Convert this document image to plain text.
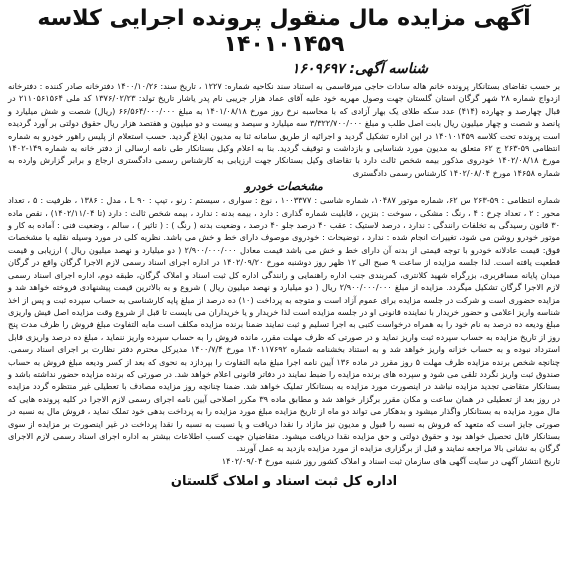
آگهی مزایده مال منقول پرونده اجرایی کلاسه ۱۴۰۱۰۱۴۵۹
شناسه آگهی: ۱۶۰۹۶۹۷

بر حسب تقاضای بستانکار پرونده خانم هاله سادات حاجی میرقاسمی به استناد سند نکاحیه شماره: ۱۲۲۷ ، تاریخ سند: ۱۴۰۰/۱۰/۲۶ دفترخانه صادر کننده : دفترخانه ازدواج شماره ۲۸ شهر گرگان استان گلستان جهت وصول مهریه خود علیه آقای عماد هزار جریبی نام پدر یاشار تاریخ تولد: ۱۳۷۶/۰۲/۲۳ کد ملی ۲۱۱۰۵۶۱۵۶۴ در قبال چهارصد و چهارده (۴۱۴) عدد سکه طلای یک بهار آزادی که با محاسبه نرخ روز مورخ ۱۴۰۱/۰۸/۱۸ به مبلغ ۶۶/۵۶۴/۰۰۰/۰۰۰ (ریال) شصت و شش میلیارد و پانصد و شصت و چهار میلیون ریال بابت اصل طلب و مبلغ ۳/۳۲۲/۷۰۰/۰۰۰ سه میلیارد و سیصد و بیست و دو میلیون و هفتصد هزار ریال حقوق دولتی بر آورد گردیده است پرونده تحت کلاسه ۱۴۰۱۰۱۴۵۹ در این اداره تشکیل گردید و اجرائیه از طریق سامانه ثنا به مدیون ابلاغ گردید. حسب استعلام از پلیس راهور خودرو به شماره انتظامی ۵۹-۲۶۳ ج ۶۲ متعلق به مدیون مورد شناسایی و بازداشت و توقیف گردید. بنا به اعلام وکیل بستانکار طی نامه ارسالی از دفتر خانه به شماره ۱۴۹-۱۴۰۲ مورخ ۱۴۰۲/۰۸/۱۸ خودروی مذکور بیمه شخص ثالث دارد با تقاضای وکیل بستانکار جهت ارزیابی به کارشناس رسمی دادگستری ارجاع و برابر گزارش وارده به شماره ۱۴۶۵۸ مورخ ۱۴۰۲/۰۸/۰۴ کارشناس رسمی دادگستری

مشخصات خودرو

شماره انتظامی : ۵۹-۲۶۳ س ۶۲، شماره موتور ۱۰۴۸۷، شماره شاسی : ۱۰۰۳۳۷۷ ، نوع : سواری ، سیستم : رنو ، تیپ : ۹۰ L ، مدل : ۱۳۸۶ ، ظرفیت : ۵ ، تعداد محور : ۲ ، تعداد چرخ : ۴ ، رنگ : مشکی ، سوخت : بنزین ، قابلیت شماره گذاری : دارد ، بیمه بدنه : ندارد ، بیمه شخص ثالث : دارد (تا ۱۴۰۲/۱۱/۰۴) ، نقص ماده ۳۰ قانون رسیدگی به تخلفات رانندگی : ندارد ، درصد لاستیک : عقب ۴۰ درصد جلو ۴۰ درصد ، وضعیت بدنه ( رنگ ) : ( تاثیر ) ، سالم ، وضعیت فنی : آماده به کار و موتور خودرو روشن می شود، تغییرات انجام شده : ندارد ، توضیحات : خودروی موصوف دارای خط و خش می باشد. نظریه کلی در مورد وسیله نقلیه با مشخصات فوق: قیمت عادلانه خودرو با توجه قیمتی از بدنه آن دارای خط و خش می باشد قیمت معادل ۲/۹۰۰/۰۰۰/۰۰۰ ( دو میلیارد و نهصد میلیون ریال ) ارزیابی و قیمت قطعیت یافته است. لذا جلسه مزایده از ساعت ۹ صبح الی ۱۲ ظهر روز دوشنبه مورخ ۱۴۰۲/۰۹/۲۰ در اداره اجرای اسناد رسمی لازم الاجرا گرگان واقع در گرگان میدان پایانه مسافربری، بزرگراه شهید کلانتری، کمربندی جنب اداره راهنمایی و رانندگی اداره کل ثبت اسناد و املاک گرگان، طبقه دوم، اداره اجرای اسناد رسمی لازم الاجرا گرگان تشکیل میگردد. مزایده از مبلغ ۲/۹۰۰/۰۰۰/۰۰۰ ریال ( دو میلیارد و نهصد میلیون ریال ) شروع و به بالاترین قیمت پیشنهادی فروخته خواهد شد و مزایده حضوری است و شرکت در جلسه مزایده برای عموم آزاد است و متوجه به پرداخت (۱۰) ده درصد از مبلغ پایه کارشناسی به حساب سپرده ثبت و پس از اخذ شناسه واریز اعلامی و حضور خریدار با نماینده قانونی او در جلسه مزایده است لذا خریدار و یا خریداران می بایست تا قبل از شروع وقت مزایده اصل فیش واریزی مبلغ ودیعه ده درصد به نام خود را به همراه درخواست کتبی به اجرا تسلیم و ثبت نمایند ضمنا برنده مزایده مکلف است مابه التفاوت مبلغ فروش را ظرف مدت پنج روز از تاریخ مزایده به حساب سپرده ثبت واریز نماید و در صورتی که ظرف مهلت مقرر، مانده فروش را به حساب سپرده واریز ننماید ، مبلغ ده درصد واریزی قابل استرداد نبوده و به حساب خزانه واریز خواهد شد و به استناد بخشنامه شماره ۱۴۰۱۱۷۶۹۲ مورخ ۱۴۰۰/۷/۴ مدیرکل محترم دفتر نظارت بر اجرای اسناد رسمی. چنانچه شخص برنده مزایده ظرف مهلت ۵ روز مقرر در ماده ۱۳۶ آیین نامه اجرا مبلغ مابه التفاوت را بپردازد به نحوی که بعد از کسر ودیعه مبلغ فروش به حساب صندوق ثبت واریز نگردد تلقی می شود و سپرده های برنده مزایده را ضبط نمایند در دفاتر قانونی اعلام خواهد شد. در صورتی که برنده مزایده حضور نداشته باشد و بستانکار متقاضی تجدید مزایده نباشد در اینصورت مورد مزایده به بستانکار تملیک خواهد شد. ضمنا چنانچه روز مزایده مصادف با تعطیلی غیر منتظره گردد مزایده در روز بعد از تعطیلی در همان ساعت و مکان مقرر برگزار خواهد شد و مطابق ماده ۳۹ مکرر اصلاحی آیین نامه اجرای رسمی لازم الاجرا در کلیه پرونده هایی که مال مورد مزایده به بستانکار واگذار میشود و بدهکار می تواند دو ماه از تاریخ مزایده مبلغ مورد مزایده را به پرداخت بدهی خود تملک نماید ، فروش مال به نسبه در صورتی جایز است که متعهد که فروش به نسبه را قبول و مدیون نیز مازاد را نقدا دریافت و یا نسبت به نسبه را نقدا پرداخت در غیر اینصورت بر مزایده از سوی بستانکار قابل تحصیل خواهد بود و حقوق دولتی و حق مزایده نقدا دریافت میشود. متقاضیان جهت کسب اطلاعات بیشتر به اداره اجرای اسناد رسمی لازم الاجرای گرگان به نشانی بالا مراجعه نمایند و قبل از برگزاری مزایده از مورد مزایده بازدید به عمل آورند.

تاریخ انتشار آگهی در سایت آگهی های سازمان ثبت اسناد و املاک کشور روز شنبه مورخ ۱۴۰۲/۰۹/۰۴

اداره کل ثبت اسناد و املاک گلستان
